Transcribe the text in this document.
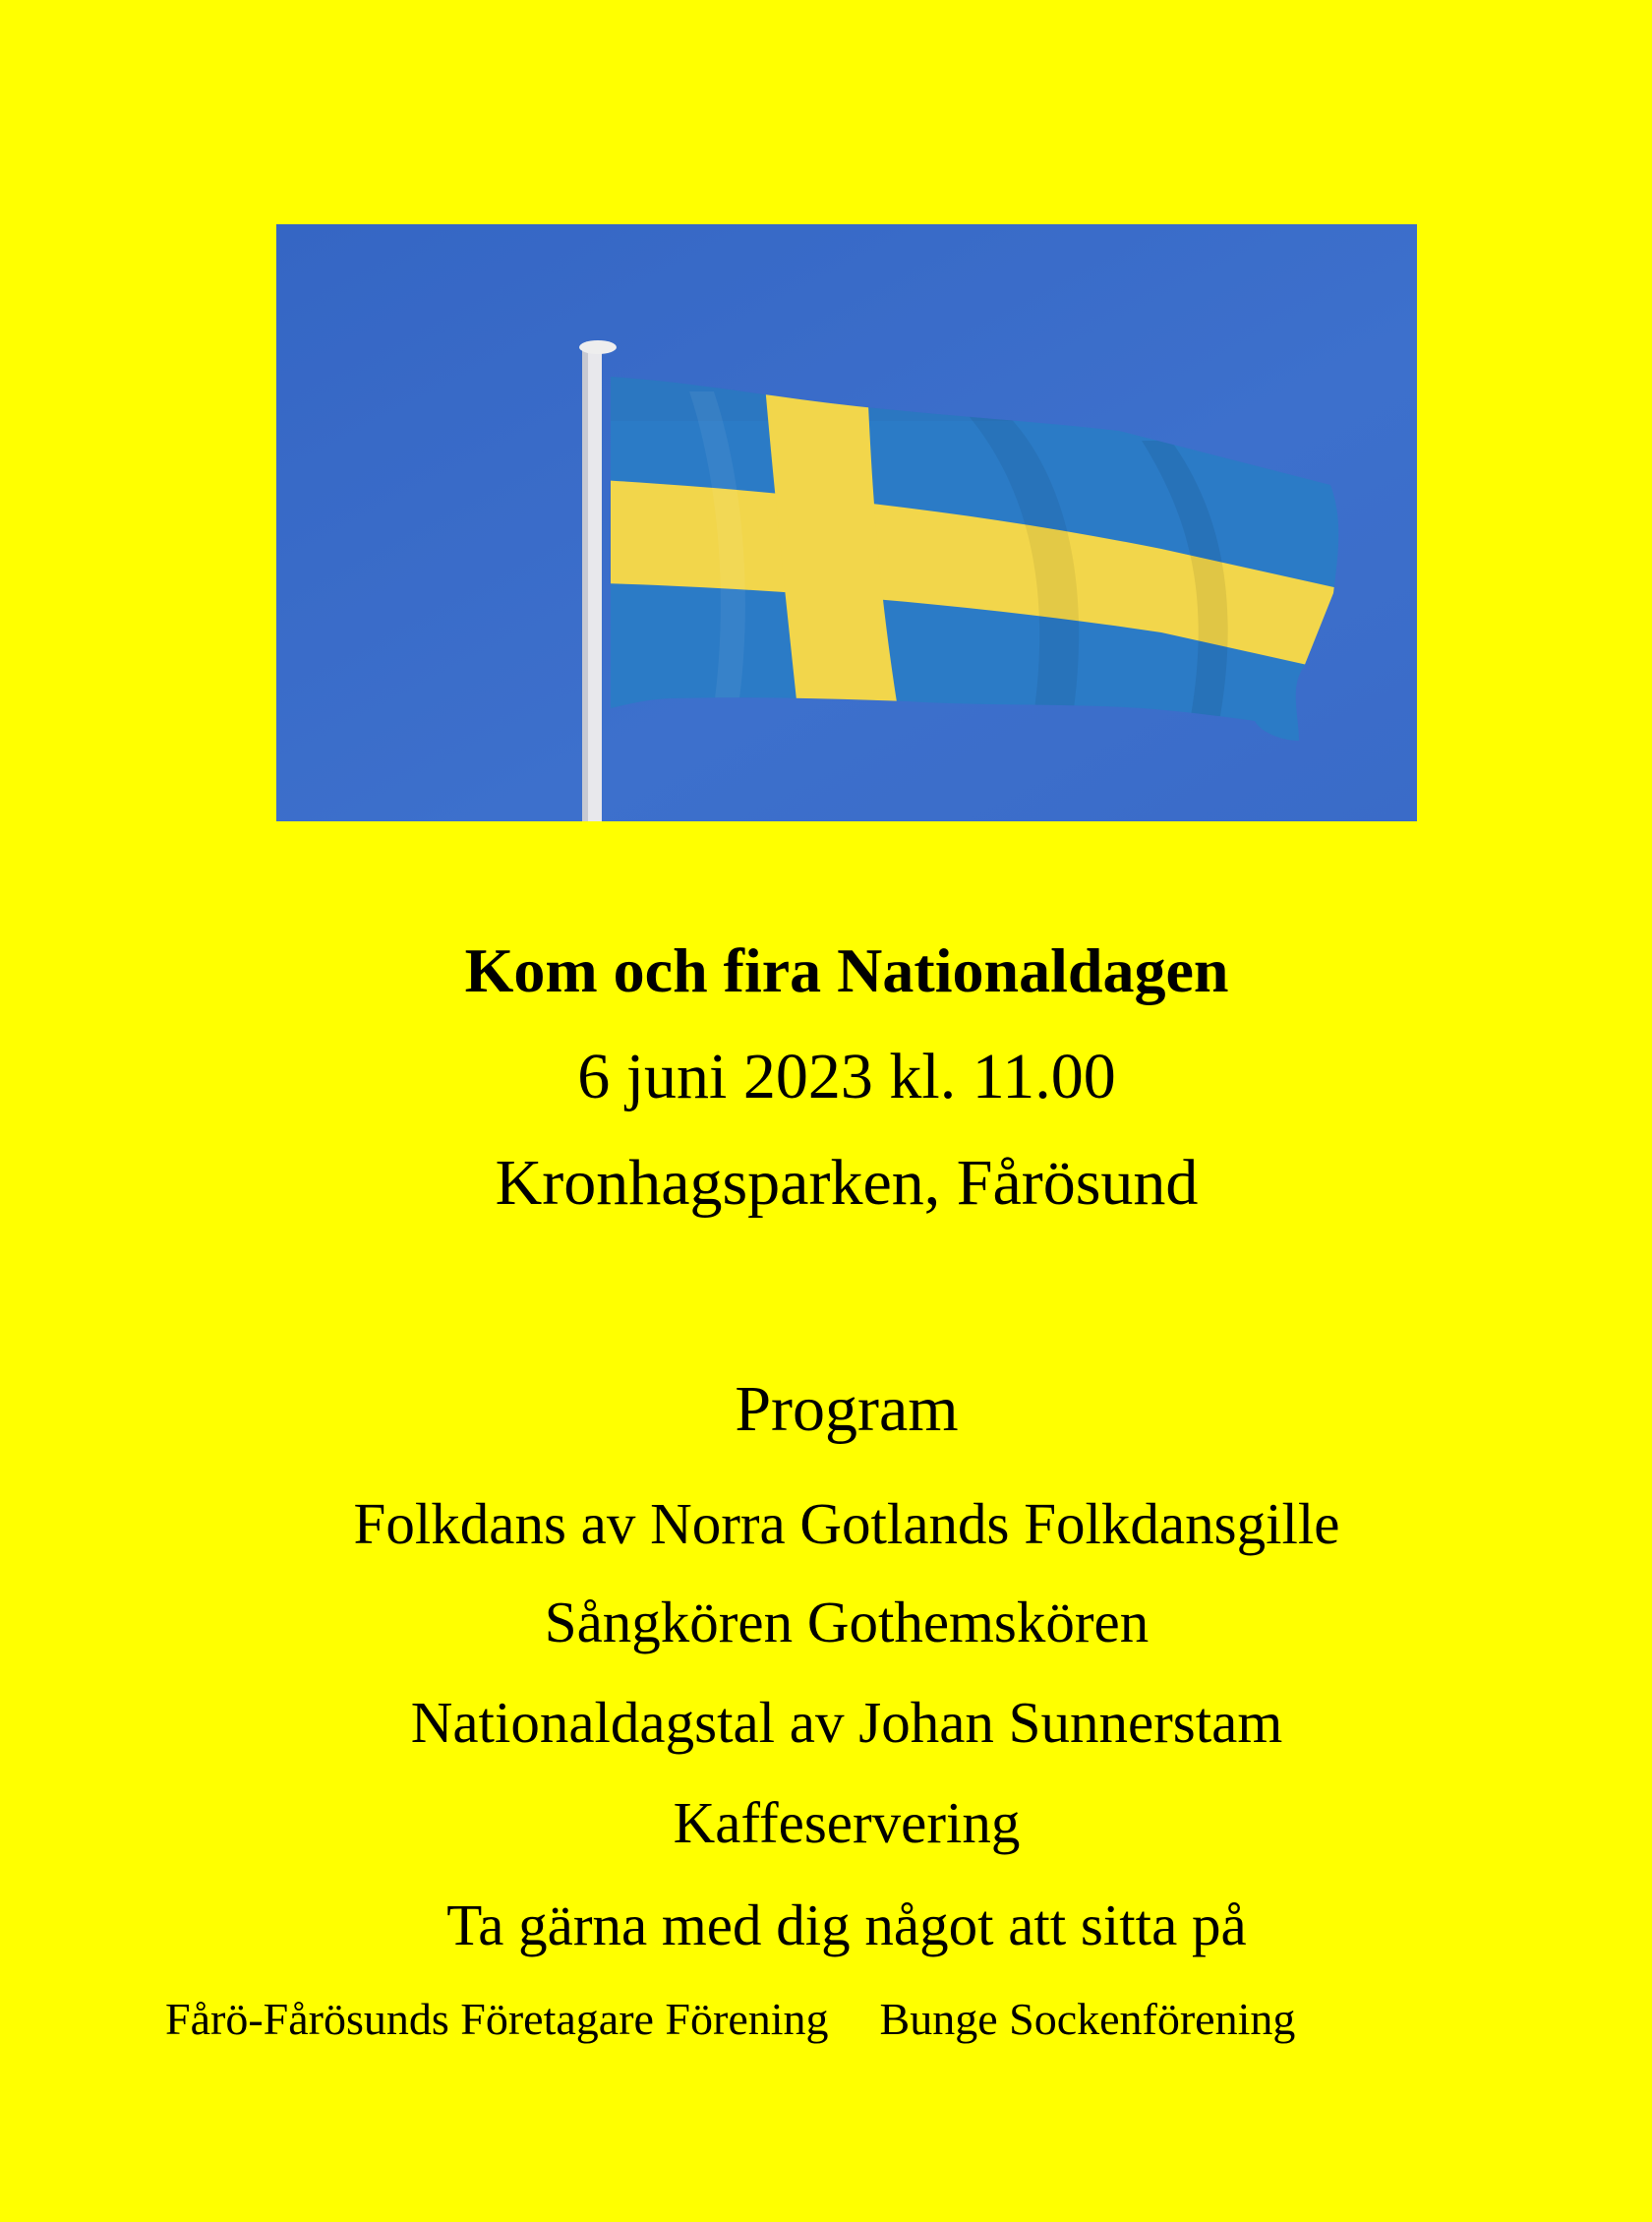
Kom och fira Nationaldagen
6 juni 2023 kl. 11.00
Kronhagsparken, Fårösund
Program
Folkdans av Norra Gotlands Folkdansgille
Sångkören Gothemskören
Nationaldagstal av Johan Sunnerstam
Kaffeservering
Ta gärna med dig något att sitta på
Fårö-Fårösunds Företagare Förening Bunge Sockenförening
